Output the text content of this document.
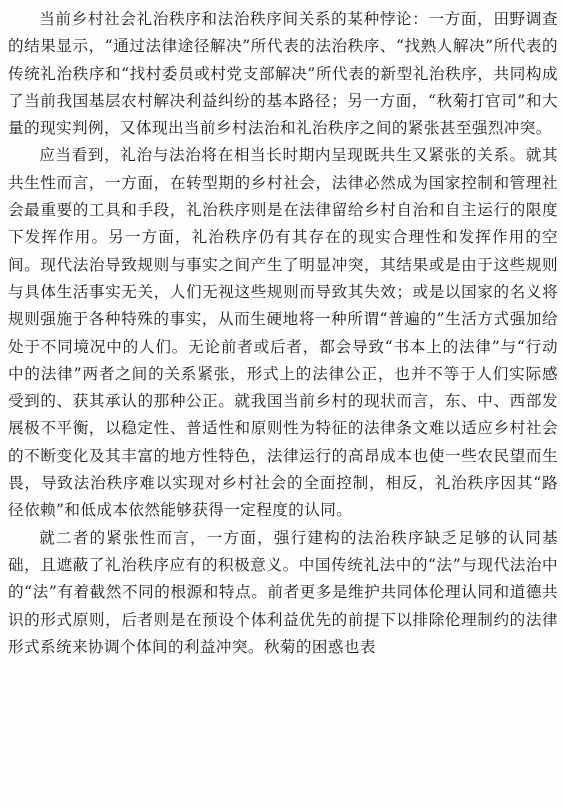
当前乡村社会礼治秩序和法治秩序间关系的某种悖论：一方面，田野调查的结果显示，“通过法律途径解决”所代表的法治秩序、“找熟人解决”所代表的传统礼治秩序和“找村委员或村党支部解决”所代表的新型礼治秩序，共同构成了当前我国基层农村解决利益纠纷的基本路径；另一方面，“秋菊打官司”和大量的现实判例，又体现出当前乡村法治和礼治秩序之间的紧张甚至强烈冲突。

应当看到，礼治与法治将在相当长时期内呈现既共生又紧张的关系。就其共生性而言，一方面，在转型期的乡村社会，法律必然成为国家控制和管理社会最重要的工具和手段，礼治秩序则是在法律留给乡村自治和自主运行的限度下发挥作用。另一方面，礼治秩序仍有其存在的现实合理性和发挥作用的空间。现代法治导致规则与事实之间产生了明显冲突，其结果或是由于这些规则与具体生活事实无关，人们无视这些规则而导致其失效；或是以国家的名义将规则强施于各种特殊的事实，从而生硬地将一种所谓“普遍的”生活方式强加给处于不同境况中的人们。无论前者或后者，都会导致“书本上的法律”与“行动中的法律”两者之间的关系紧张，形式上的法律公正，也并不等于人们实际感受到的、获其承认的那种公正。就我国当前乡村的现状而言，东、中、西部发展极不平衡，以稳定性、普适性和原则性为特征的法律条文难以适应乡村社会的不断变化及其丰富的地方性特色，法律运行的高昂成本也使一些农民望而生畏，导致法治秩序难以实现对乡村社会的全面控制，相反，礼治秩序因其“路径依赖”和低成本依然能够获得一定程度的认同。

就二者的紧张性而言，一方面，强行建构的法治秩序缺乏足够的认同基础，且遮蔽了礼治秩序应有的积极意义。中国传统礼法中的“法”与现代法治中的“法”有着截然不同的根源和特点。前者更多是维护共同体伦理认同和道德共识的形式原则，后者则是在预设个体利益优先的前提下以排除伦理制约的法律形式系统来协调个体间的利益冲突。秋菊的困惑也表
